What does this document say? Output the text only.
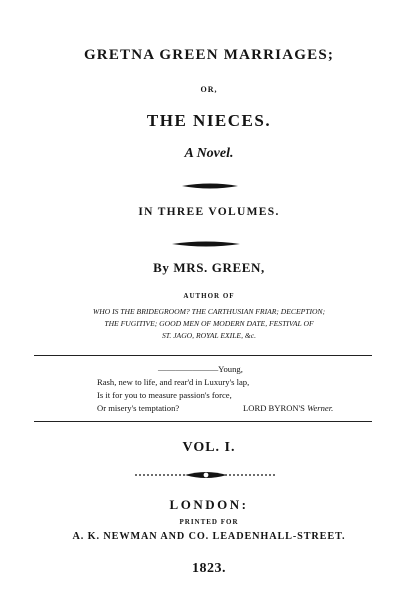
GRETNA GREEN MARRIAGES;
OR,
THE NIECES.
A Novel.
IN THREE VOLUMES.
By MRS. GREEN,
AUTHOR OF
WHO IS THE BRIDEGROOM? THE CARTHUSIAN FRIAR; DECEPTION;
THE FUGITIVE; GOOD MEN OF MODERN DATE, FESTIVAL OF
ST. JAGO, ROYAL EXILE, &c.
———————Young,
Rash, new to life, and rear'd in Luxury's lap,
Is it for you to measure passion's force,
Or misery's temptation?	LORD BYRON'S Werner.
VOL. I.
LONDON:
PRINTED FOR
A. K. NEWMAN AND CO. LEADENHALL-STREET.
1823.
